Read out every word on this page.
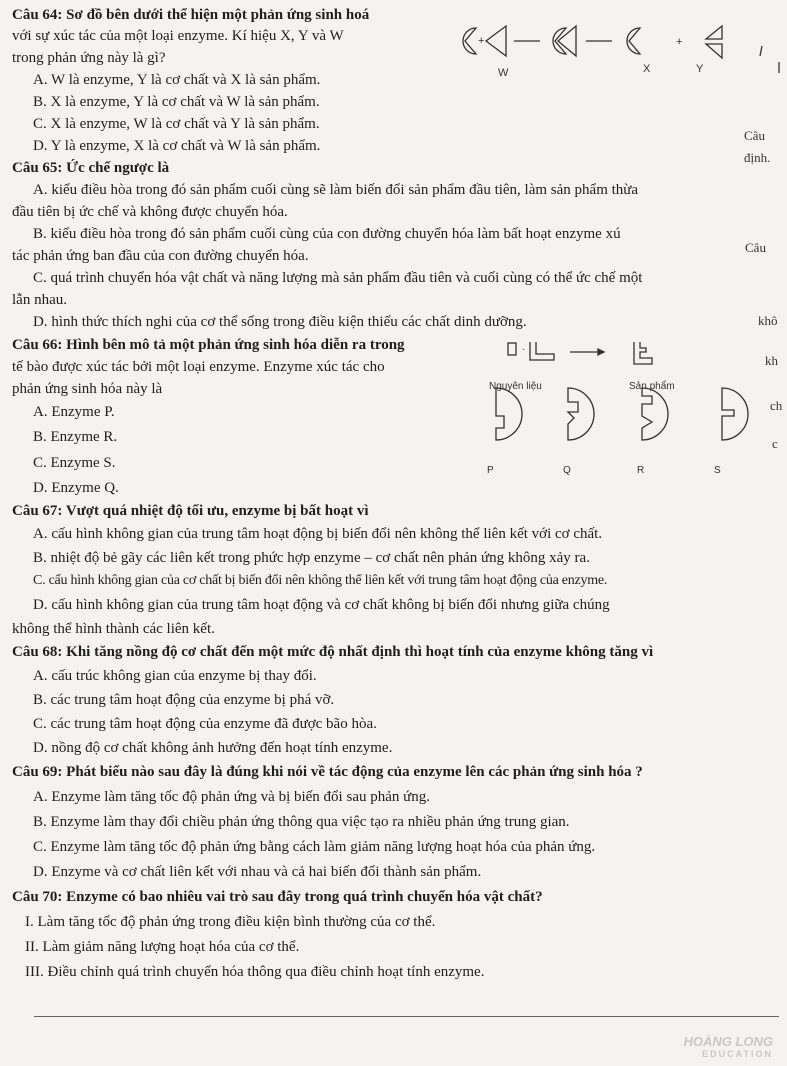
Câu 64: Sơ đồ bên dưới thể hiện một phản ứng sinh hoá
với sự xúc tác của một loại enzyme. Kí hiệu X, Y và W
trong phản ứng này là gì?
A. W là enzyme, Y là cơ chất và X là sản phẩm.
B. X là enzyme, Y là cơ chất và W là sản phẩm.
C. X là enzyme, W là cơ chất và Y là sản phẩm.
D. Y là enzyme, X là cơ chất và W là sản phẩm.
+	+
W	X	Y
Câu 65: Ức chế ngược là
A. kiểu điều hòa trong đó sản phẩm cuối cùng sẽ làm biến đổi sản phẩm đầu tiên, làm sản phẩm thừa
đầu tiên bị ức chế và không được chuyển hóa.
B. kiểu điều hòa trong đó sản phẩm cuối cùng của con đường chuyển hóa làm bất hoạt enzyme xú
tác phản ứng ban đầu của con đường chuyển hóa.
C. quá trình chuyển hóa vật chất và năng lượng mà sản phẩm đầu tiên và cuối cùng có thể ức chế một
lẫn nhau.
D. hình thức thích nghi của cơ thể sống trong điều kiện thiếu các chất dinh dưỡng.
Câu
định.
Câu
khô
kh
ch
c
Câu 66: Hình bên mô tả một phản ứng sinh hóa diễn ra trong
tế bào được xúc tác bởi một loại enzyme. Enzyme xúc tác cho
phản ứng sinh hóa này là
A. Enzyme P.
B. Enzyme R.
C. Enzyme S.
D. Enzyme Q.
·
Nguyên liệu	Sản phẩm
P	Q	R	S
Câu 67: Vượt quá nhiệt độ tối ưu, enzyme bị bất hoạt vì
A. cấu hình không gian của trung tâm hoạt động bị biến đổi nên không thể liên kết với cơ chất.
B. nhiệt độ bẻ gãy các liên kết trong phức hợp enzyme – cơ chất nên phản ứng không xảy ra.
C. cấu hình không gian của cơ chất bị biến đổi nên không thể liên kết với trung tâm hoạt động của enzyme.
D. cấu hình không gian của trung tâm hoạt động và cơ chất không bị biến đổi nhưng giữa chúng
không thể hình thành các liên kết.
Câu 68: Khi tăng nồng độ cơ chất đến một mức độ nhất định thì hoạt tính của enzyme không tăng vì
A. cấu trúc không gian của enzyme bị thay đổi.
B. các trung tâm hoạt động của enzyme bị phá vỡ.
C. các trung tâm hoạt động của enzyme đã được bão hòa.
D. nồng độ cơ chất không ảnh hưởng đến hoạt tính enzyme.
Câu 69: Phát biểu nào sau đây là đúng khi nói về tác động của enzyme lên các phản ứng sinh hóa ?
A. Enzyme làm tăng tốc độ phản ứng và bị biến đổi sau phản ứng.
B. Enzyme làm thay đổi chiều phản ứng thông qua việc tạo ra nhiều phản ứng trung gian.
C. Enzyme làm tăng tốc độ phản ứng bằng cách làm giảm năng lượng hoạt hóa của phản ứng.
D. Enzyme và cơ chất liên kết với nhau và cả hai biến đổi thành sản phẩm.
Câu 70: Enzyme có bao nhiêu vai trò sau đây trong quá trình chuyển hóa vật chất?
I. Làm tăng tốc độ phản ứng trong điều kiện bình thường của cơ thể.
II. Làm giảm năng lượng hoạt hóa của cơ thể.
III. Điều chỉnh quá trình chuyển hóa thông qua điều chỉnh hoạt tính enzyme.
HOÀNG LONG
EDUCATION
